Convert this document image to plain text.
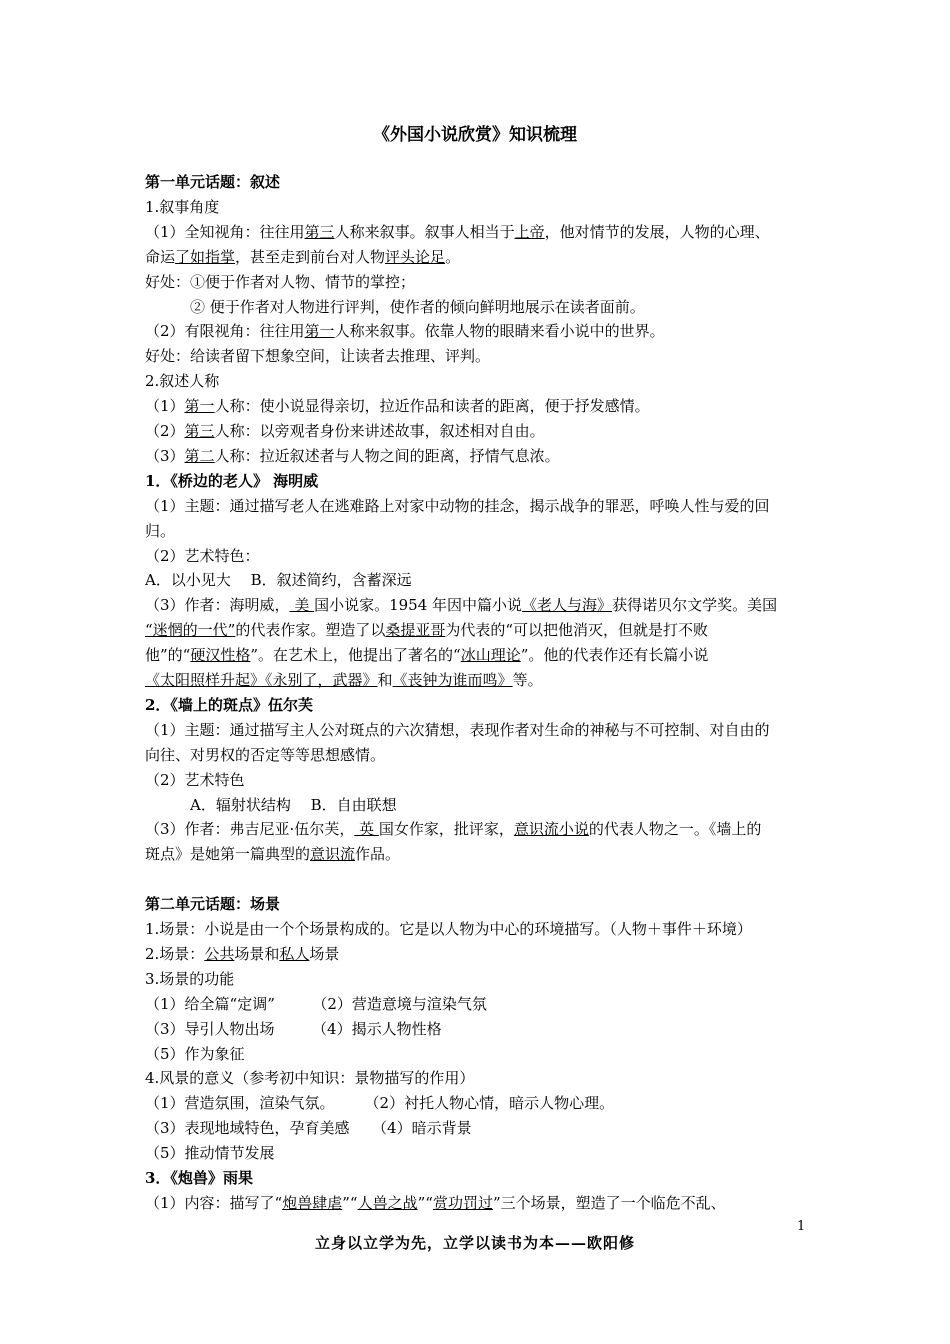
《外国小说欣赏》知识梳理
第一单元话题：叙述
1.叙事角度
（1）全知视角：往往用第三人称来叙事。叙事人相当于上帝，他对情节的发展，人物的心理、
命运了如指掌，甚至走到前台对人物评头论足。
好处：①便于作者对人物、情节的掌控；
　　　② 便于作者对人物进行评判，使作者的倾向鲜明地展示在读者面前。
（2）有限视角：往往用第一人称来叙事。依靠人物的眼睛来看小说中的世界。
好处：给读者留下想象空间，让读者去推理、评判。
2.叙述人称
（1）第一人称：使小说显得亲切，拉近作品和读者的距离，便于抒发感情。
（2）第三人称：以旁观者身份来讲述故事，叙述相对自由。
（3）第二人称：拉近叙述者与人物之间的距离，抒情气息浓。
1．《桥边的老人》 海明威
（1）主题：通过描写老人在逃难路上对家中动物的挂念，揭示战争的罪恶，呼唤人性与爱的回
归。
（2）艺术特色：
A．以小见大　 B．叙述简约，含蓄深远
（3）作者：海明威， 美 国小说家。1954 年因中篇小说《老人与海》获得诺贝尔文学奖。美国
“迷惘的一代”的代表作家。塑造了以桑提亚哥为代表的“可以把他消灭，但就是打不败
他”的“硬汉性格”。在艺术上，他提出了著名的“冰山理论”。他的代表作还有长篇小说
《太阳照样升起》《永别了，武器》和《丧钟为谁而鸣》等。
2．《墙上的斑点》伍尔芙
（1）主题：通过描写主人公对斑点的六次猜想，表现作者对生命的神秘与不可控制、对自由的
向往、对男权的否定等等思想感情。
（2）艺术特色
　　　A．辐射状结构　 B．自由联想
（3）作者：弗吉尼亚·伍尔芙， 英 国女作家，批评家，意识流小说的代表人物之一。《墙上的
斑点》是她第一篇典型的意识流作品。
第二单元话题：场景
1.场景：小说是由一个个场景构成的。它是以人物为中心的环境描写。（人物＋事件＋环境）
2.场景：公共场景和私人场景
3.场景的功能
（1）给全篇“定调”　　　（2）营造意境与渲染气氛
（3）导引人物出场　　　（4）揭示人物性格
（5）作为象征
4.风景的意义（参考初中知识：景物描写的作用）
（1）营造氛围，渲染气氛。　　　（2）衬托人物心情，暗示人物心理。
（3）表现地域特色，孕育美感　　（4）暗示背景
（5）推动情节发展
3．《炮兽》雨果
（1）内容：描写了“炮兽肆虐”“人兽之战”“赏功罚过”三个场景，塑造了一个临危不乱、
1
立身以立学为先，立学以读书为本——欧阳修
